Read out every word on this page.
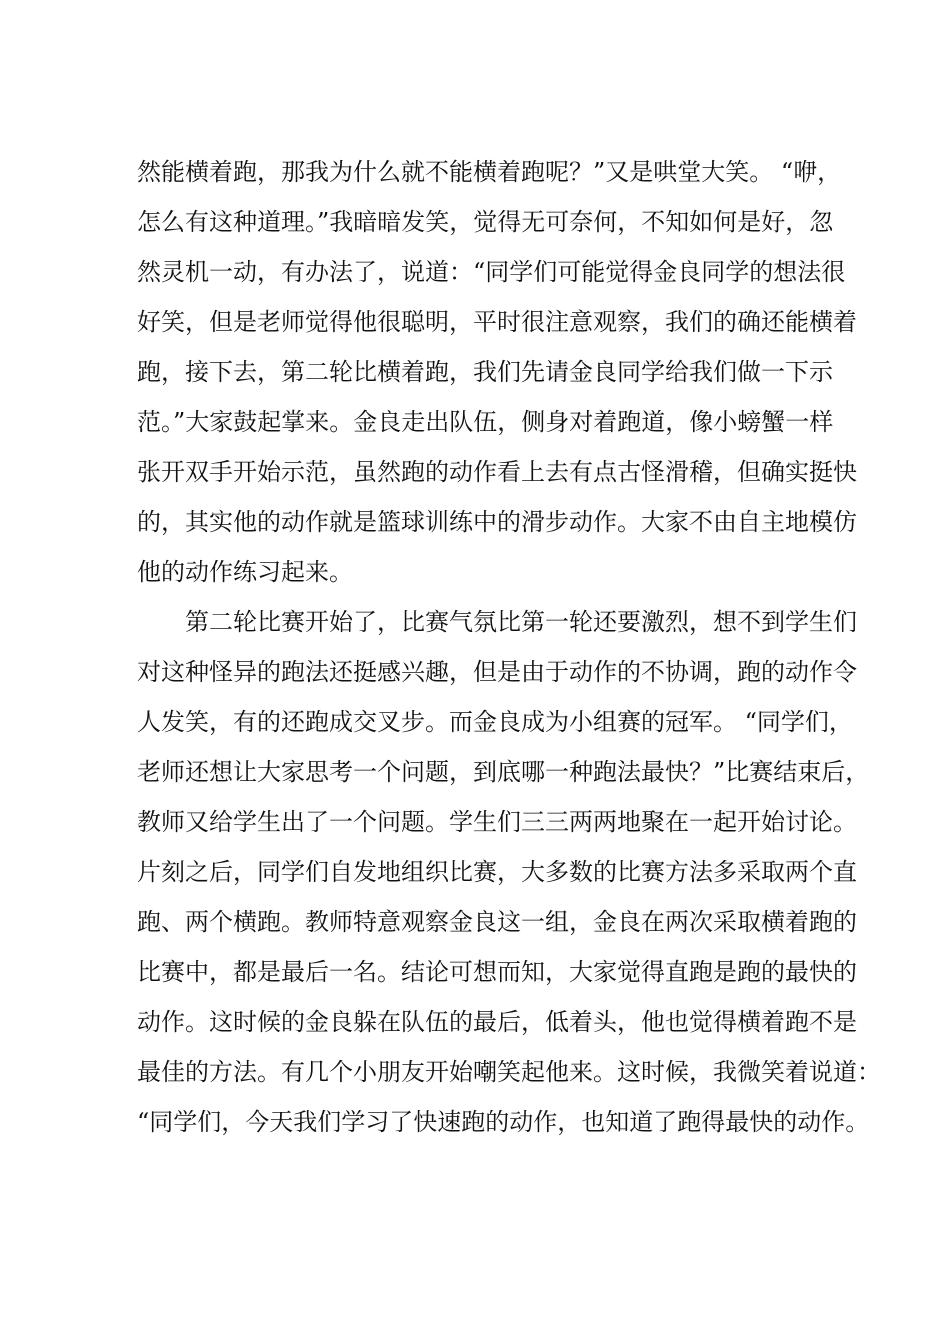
然能横着跑，那我为什么就不能横着跑呢？”又是哄堂大笑。 “咿，
怎么有这种道理。”我暗暗发笑，觉得无可奈何，不知如何是好，忽
然灵机一动，有办法了，说道：“同学们可能觉得金良同学的想法很
好笑，但是老师觉得他很聪明，平时很注意观察，我们的确还能横着
跑，接下去，第二轮比横着跑，我们先请金良同学给我们做一下示
范。”大家鼓起掌来。金良走出队伍，侧身对着跑道，像小螃蟹一样
张开双手开始示范，虽然跑的动作看上去有点古怪滑稽，但确实挺快
的，其实他的动作就是篮球训练中的滑步动作。大家不由自主地模仿
他的动作练习起来。
第二轮比赛开始了，比赛气氛比第一轮还要激烈，想不到学生们
对这种怪异的跑法还挺感兴趣，但是由于动作的不协调，跑的动作令
人发笑，有的还跑成交叉步。而金良成为小组赛的冠军。 “同学们，
老师还想让大家思考一个问题，到底哪一种跑法最快？”比赛结束后，
教师又给学生出了一个问题。学生们三三两两地聚在一起开始讨论。
片刻之后，同学们自发地组织比赛，大多数的比赛方法多采取两个直
跑、两个横跑。教师特意观察金良这一组，金良在两次采取横着跑的
比赛中，都是最后一名。结论可想而知，大家觉得直跑是跑的最快的
动作。这时候的金良躲在队伍的最后，低着头，他也觉得横着跑不是
最佳的方法。有几个小朋友开始嘲笑起他来。这时候，我微笑着说道：
“同学们，今天我们学习了快速跑的动作，也知道了跑得最快的动作。
